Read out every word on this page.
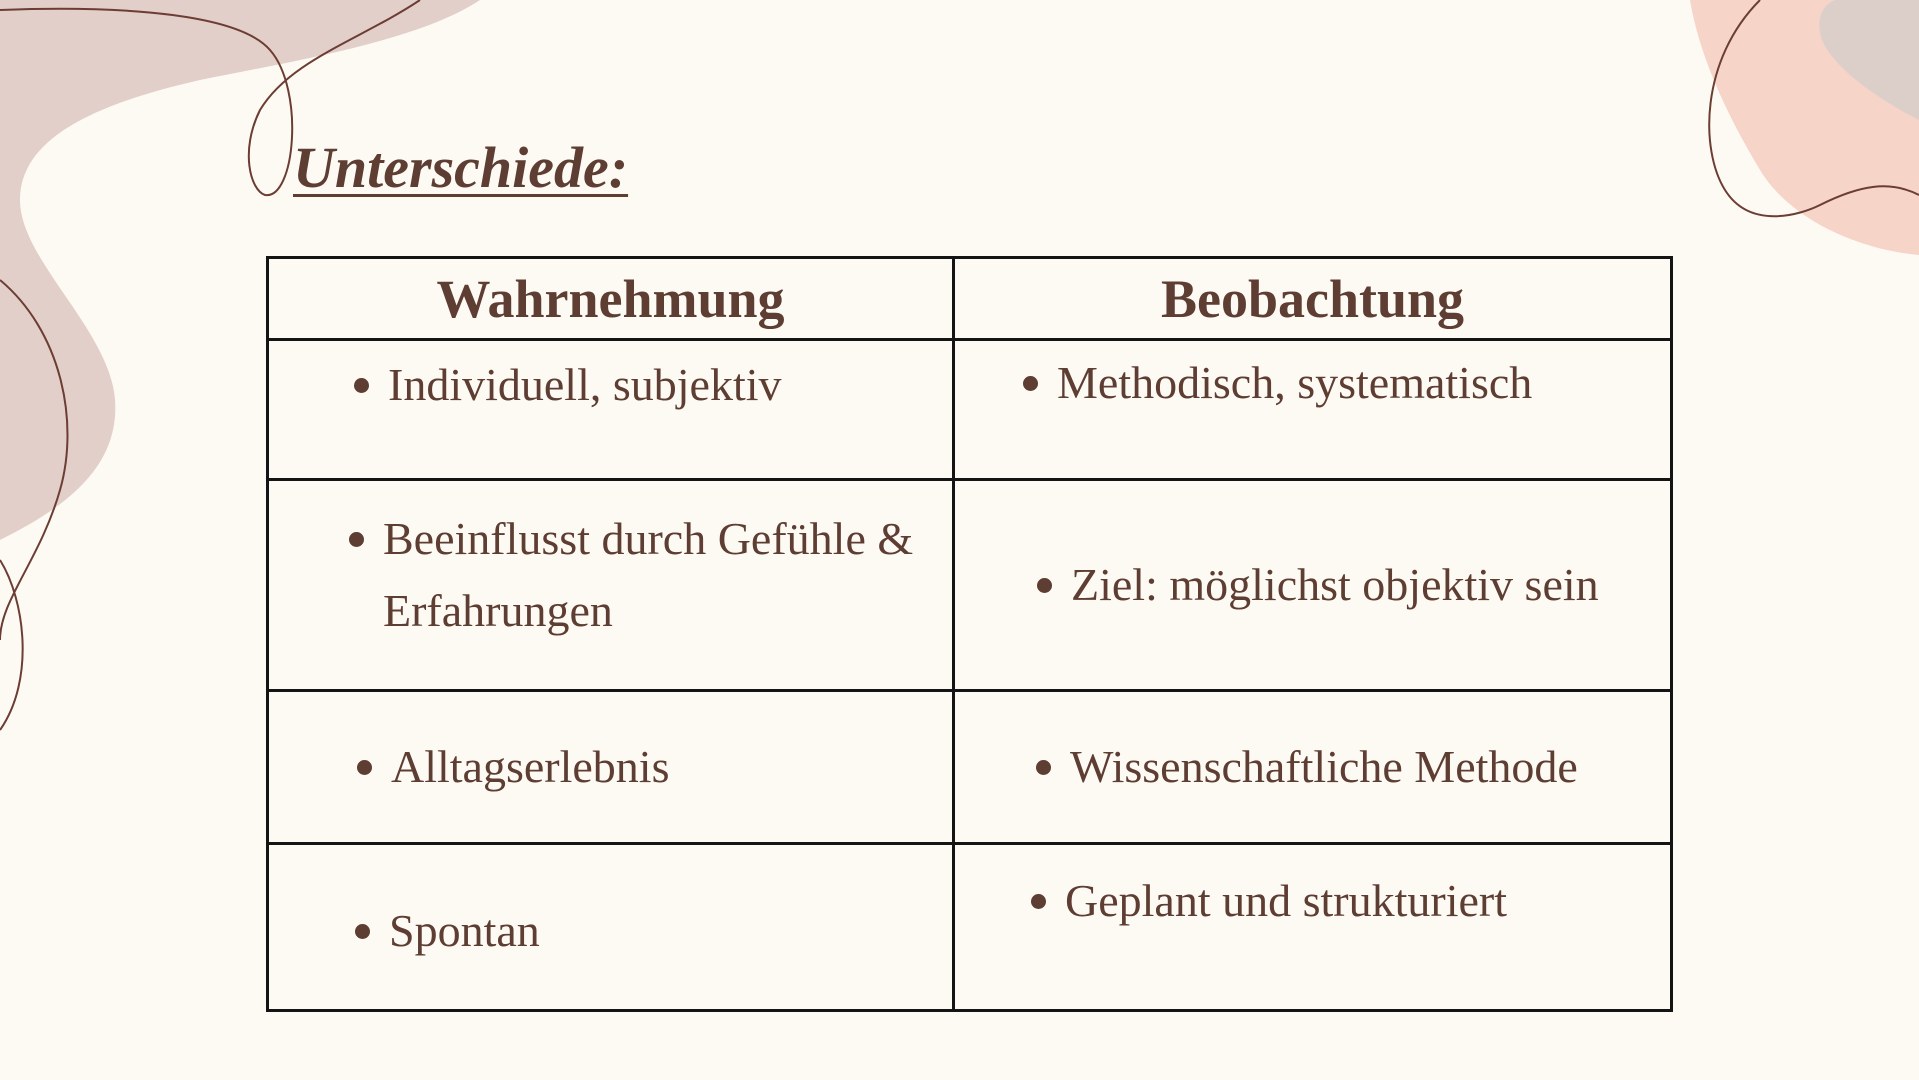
Unterschiede:
Wahrnehmung	Beobachtung

Individuell, subjektiv	Methodisch, systematisch

Beeinflusst durch Gefühle & Erfahrungen	Ziel: möglichst objektiv sein

Alltagserlebnis	Wissenschaftliche Methode

Spontan	Geplant und strukturiert
